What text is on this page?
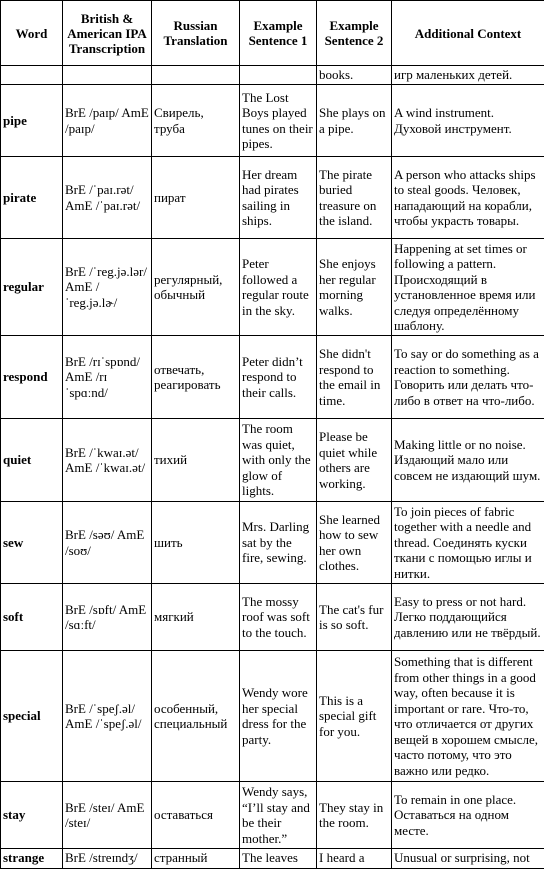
Word	British & American IPA Transcription	Russian Translation	Example Sentence 1	Example Sentence 2	Additional Context
				books.	игр маленьких детей.
pipe	BrE /paɪp/ AmE /paɪp/	Свирель, труба	The Lost Boys played tunes on their pipes.	She plays on a pipe.	A wind instrument. Духовой инструмент.
pirate	BrE /ˈpaɪ.rət/ AmE /ˈpaɪ.rət/	пират	Her dream had pirates sailing in ships.	The pirate buried treasure on the island.	A person who attacks ships to steal goods. Человек, нападающий на корабли, чтобы украсть товары.
regular	BrE /ˈreg.jə.lər/ AmE /ˈreg.jə.lɚ/	регулярный, обычный	Peter followed a regular route in the sky.	She enjoys her regular morning walks.	Happening at set times or following a pattern. Происходящий в установленное время или следуя определённому шаблону.
respond	BrE /rɪˈspɒnd/ AmE /rɪˈspɑːnd/	отвечать, реагировать	Peter didn’t respond to their calls.	She didn't respond to the email in time.	To say or do something as a reaction to something. Говорить или делать что-либо в ответ на что-либо.
quiet	BrE /ˈkwaɪ.ət/ AmE /ˈkwaɪ.ət/	тихий	The room was quiet, with only the glow of lights.	Please be quiet while others are working.	Making little or no noise. Издающий мало или совсем не издающий шум.
sew	BrE /səʊ/ AmE /soʊ/	шить	Mrs. Darling sat by the fire, sewing.	She learned how to sew her own clothes.	To join pieces of fabric together with a needle and thread. Соединять куски ткани с помощью иглы и нитки.
soft	BrE /sɒft/ AmE /sɑːft/	мягкий	The mossy roof was soft to the touch.	The cat's fur is so soft.	Easy to press or not hard. Легко поддающийся давлению или не твёрдый.
special	BrE /ˈspeʃ.əl/ AmE /ˈspeʃ.əl/	особенный, специальный	Wendy wore her special dress for the party.	This is a special gift for you.	Something that is different from other things in a good way, often because it is important or rare. Что-то, что отличается от других вещей в хорошем смысле, часто потому, что это важно или редко.
stay	BrE /steɪ/ AmE /steɪ/	оставаться	Wendy says, “I’ll stay and be their mother.”	They stay in the room.	To remain in one place. Оставаться на одном месте.
strange	BrE /streɪndʒ/	странный	The leaves	I heard a	Unusual or surprising, not
